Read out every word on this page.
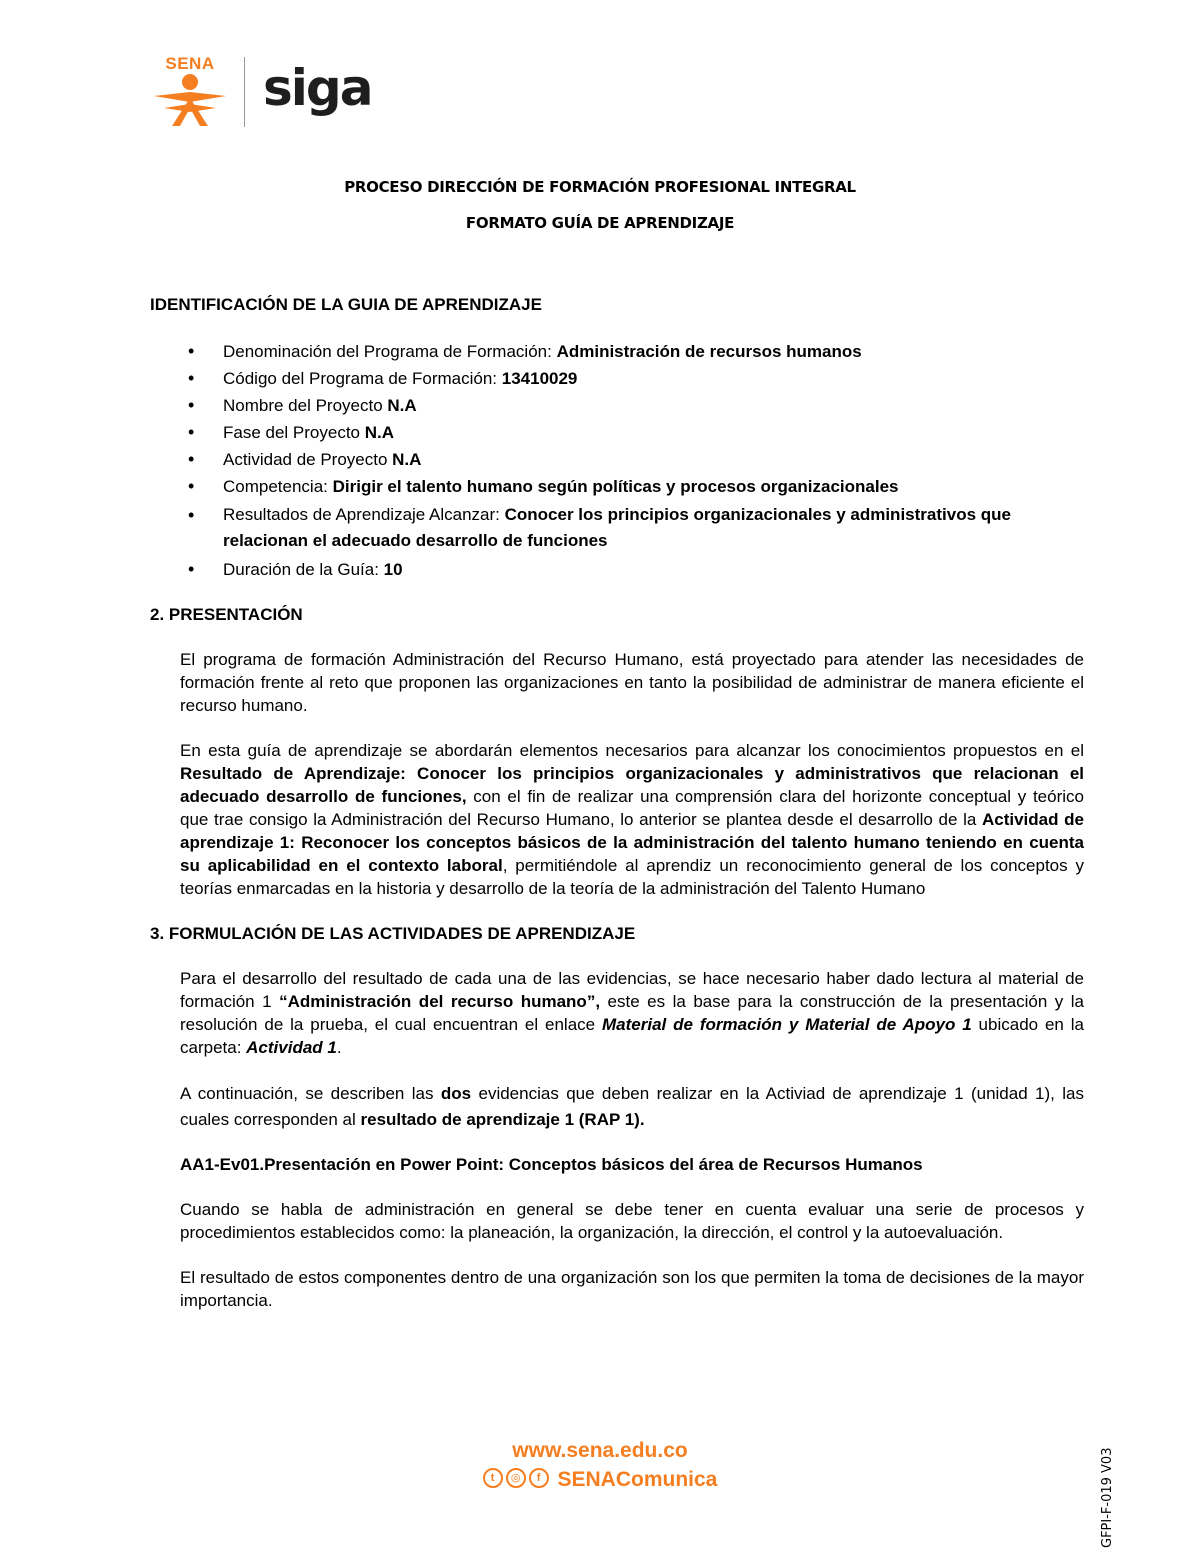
SENA siga
PROCESO DIRECCIÓN DE FORMACIÓN PROFESIONAL INTEGRAL
FORMATO GUÍA DE APRENDIZAJE

IDENTIFICACIÓN DE LA GUIA DE APRENDIZAJE

• Denominación del Programa de Formación: Administración de recursos humanos
• Código del Programa de Formación: 13410029
• Nombre del Proyecto N.A
• Fase del Proyecto N.A
• Actividad de Proyecto N.A
• Competencia: Dirigir el talento humano según políticas y procesos organizacionales
• Resultados de Aprendizaje Alcanzar: Conocer los principios organizacionales y administrativos que relacionan el adecuado desarrollo de funciones
• Duración de la Guía: 10

2. PRESENTACIÓN

El programa de formación Administración del Recurso Humano, está proyectado para atender las necesidades de formación frente al reto que proponen las organizaciones en tanto la posibilidad de administrar de manera eficiente el recurso humano.

En esta guía de aprendizaje se abordarán elementos necesarios para alcanzar los conocimientos propuestos en el Resultado de Aprendizaje: Conocer los principios organizacionales y administrativos que relacionan el adecuado desarrollo de funciones, con el fin de realizar una comprensión clara del horizonte conceptual y teórico que trae consigo la Administración del Recurso Humano, lo anterior se plantea desde el desarrollo de la Actividad de aprendizaje 1: Reconocer los conceptos básicos de la administración del talento humano teniendo en cuenta su aplicabilidad en el contexto laboral, permitiéndole al aprendiz un reconocimiento general de los conceptos y teorías enmarcadas en la historia y desarrollo de la teoría de la administración del Talento Humano

3. FORMULACIÓN DE LAS ACTIVIDADES DE APRENDIZAJE

Para el desarrollo del resultado de cada una de las evidencias, se hace necesario haber dado lectura al material de formación 1 “Administración del recurso humano”, este es la base para la construcción de la presentación y la resolución de la prueba, el cual encuentran el enlace Material de formación y Material de Apoyo 1 ubicado en la carpeta: Actividad 1.

A continuación, se describen las dos evidencias que deben realizar en la Activiad de aprendizaje 1 (unidad 1), las cuales corresponden al resultado de aprendizaje 1 (RAP 1).

AA1-Ev01.Presentación en Power Point: Conceptos básicos del área de Recursos Humanos

Cuando se habla de administración en general se debe tener en cuenta evaluar una serie de procesos y procedimientos establecidos como: la planeación, la organización, la dirección, el control y la autoevaluación.

El resultado de estos componentes dentro de una organización son los que permiten la toma de decisiones de la mayor importancia.

www.sena.edu.co
t ◎ f SENAComunica	GFPI-F-019 V03
